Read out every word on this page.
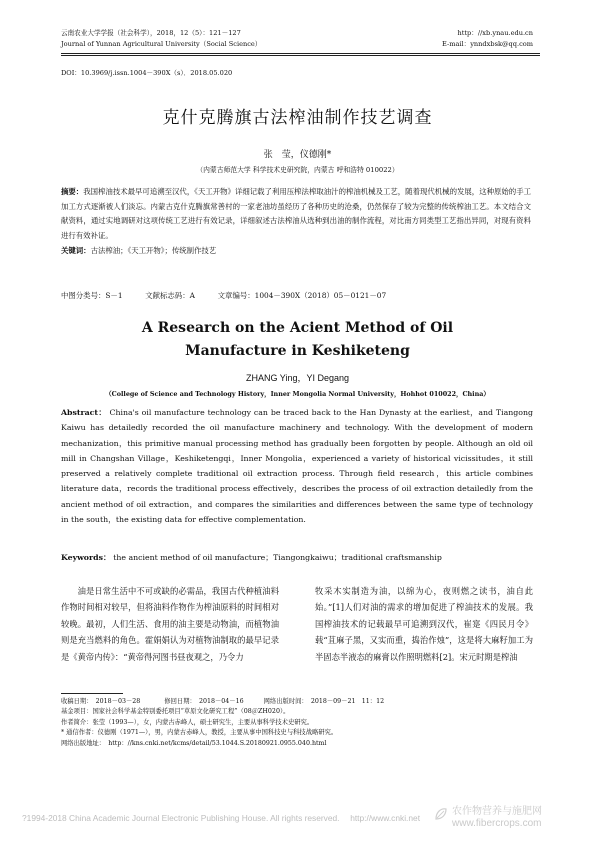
云南农业大学学报（社会科学），2018，12（5）：121－127	http：//xb.ynau.edu.cn
Journal of Yunnan Agricultural University（Social Science）	E-mail：ynndxbsk@qq.com
DOI：10.3969/j.issn.1004－390X（s）．2018.05.020
克什克腾旗古法榨油制作技艺调查
张　莹，仪德刚*
（内蒙古师范大学 科学技术史研究院，内蒙古 呼和浩特 010022）
摘要：我国榨油技术最早可追溯至汉代，《天工开物》详细记载了利用压榨法榨取油汁的榨油机械及工艺，随着现代机械的发展，这种原始的手工加工方式逐渐被人们淡忘。内蒙古克什克腾旗常善村的一家老油坊虽经历了各种历史的沧桑，仍然保存了较为完整的传统榨油工艺。本文结合文献资料，通过实地调研对这项传统工艺进行有效记录，详细叙述古法榨油从选种到出油的制作流程，对比南方同类型工艺指出异同，对现有资料进行有效补证。
关键词：古法榨油；《天工开物》；传统制作技艺
中图分类号：S－1	文献标志码：A	文章编号：1004－390X（2018）05－0121－07
A Research on the Acient Method of Oil
Manufacture in Keshiketeng
ZHANG Ying，YI Degang
（College of Science and Technology History，Inner Mongolia Normal University，Hohhot 010022，China）
Abstract： China's oil manufacture technology can be traced back to the Han Dynasty at the earliest，and Tiangong Kaiwu has detailedly recorded the oil manufacture machinery and technology. With the development of modern mechanization，this primitive manual processing method has gradually been forgotten by people. Although an old oil mill in Changshan Village，Keshiketengqi，Inner Mongolia，experienced a variety of historical vicissitudes，it still preserved a relatively complete traditional oil extraction process. Through field research，this article combines literature data，records the traditional process effectively，describes the process of oil extraction detailedly from the ancient method of oil extraction，and compares the similarities and differences between the same type of technology in the south，the existing data for effective complementation.
Keywords： the ancient method of oil manufacture；Tiangongkaiwu；traditional craftsmanship

油是日常生活中不可或缺的必需品，我国古代种植油料作物时间相对较早，但将油料作物作为榨油原料的时间相对较晚。最初，人们生活、食用的油主要是动物油，而植物油则是充当燃料的角色。霍娟娟认为对植物油制取的最早记录是《黄帝内传》：“黄帝得河图书昼夜观之，乃令力

牧采木实制造为油，以绵为心，夜则燃之读书，油自此始。”[1]人们对油的需求的增加促进了榨油技术的发展。我国榨油技术的记载最早可追溯到汉代，崔寔《四民月令》载“苴麻子黑，又实而重，捣治作烛”，这是将大麻籽加工为半固态半液态的麻膏以作照明燃料[2]。宋元时期是榨油

收稿日期：　2018－03－28	修回日期：　2018－04－16	网络出版时间：　2018－09－21　11：12
基金项目：国家社会科学基金特别委托项目“草原文化研究工程”（08＠ZH020）。
作者简介：张莹（1993—），女，内蒙古赤峰人，硕士研究生，主要从事科学技术史研究。
* 通信作者：仪德刚（1971—），男，内蒙古赤峰人，教授，主要从事中国科技史与科技战略研究。
网络出版地址：　http：//kns.cnki.net/kcms/detail/53.1044.S.20180921.0955.040.html
?1994-2018 China Academic Journal Electronic Publishing House. All rights reserved.　 http://www.cnki.net
农作物营养与施肥网
www.fibercrops.com
